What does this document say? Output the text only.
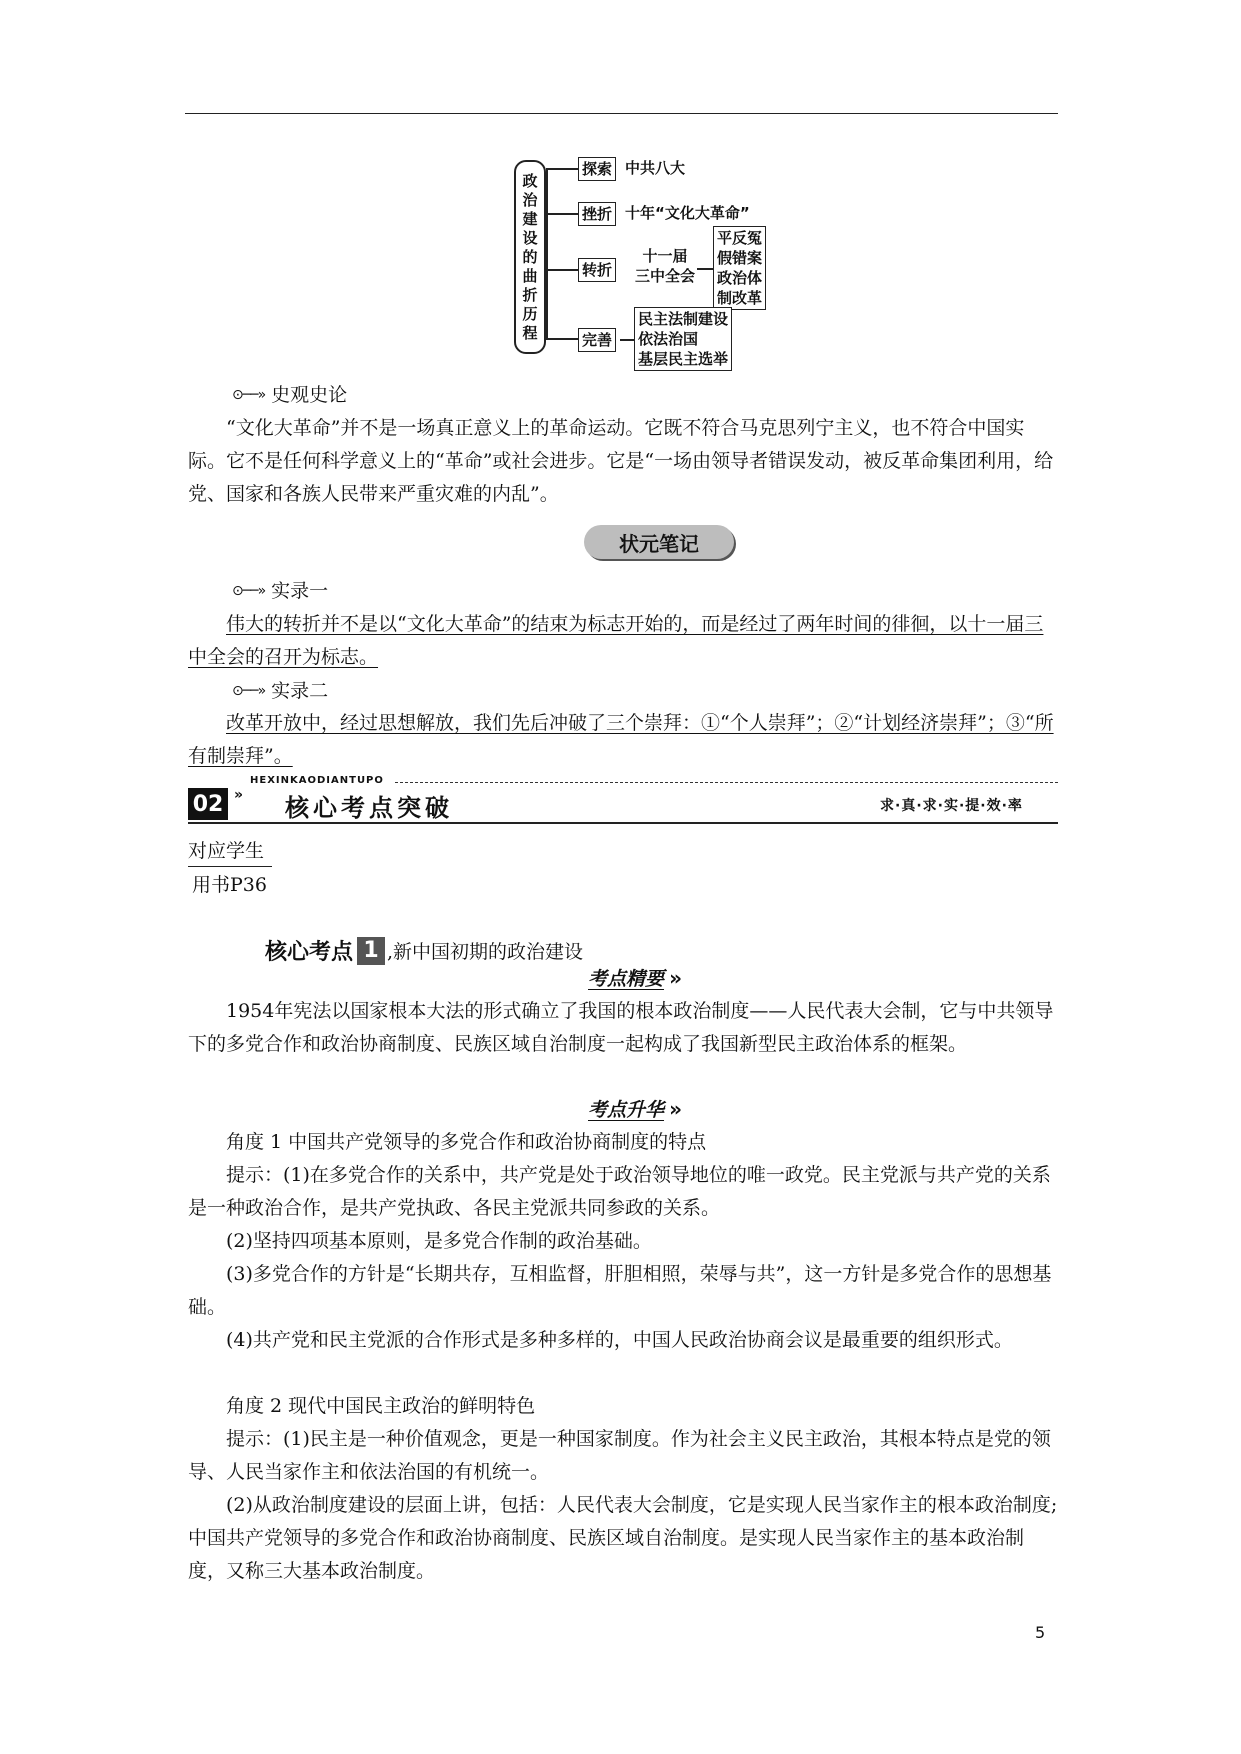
政
治
建
设
的
曲
折
历
程
探索 中共八大
挫折 十年“文化大革命”
转折
十一届
三中全会
平反冤
假错案
政治体
制改革
完善
民主法制建设
依法治国
基层民主选举
⊙──» 史观史论
“文化大革命”并不是一场真正意义上的革命运动。它既不符合马克思列宁主义，也不符合中国实际。它不是任何科学意义上的“革命”或社会进步。它是“一场由领导者错误发动，被反革命集团利用，给党、国家和各族人民带来严重灾难的内乱”。
状元笔记
⊙──» 实录一
伟大的转折并不是以“文化大革命”的结束为标志开始的，而是经过了两年时间的徘徊，以十一届三中全会的召开为标志。
⊙──» 实录二
改革开放中，经过思想解放，我们先后冲破了三个崇拜：①“个人崇拜”；②“计划经济崇拜”；③“所有制崇拜”。
HEXINKAODIANTUPO
02 » 核心考点突破	求·真·求·实·提·效·率
对应学生
用书P36
核心考点 1 ,新中国初期的政治建设
考点精要 »
1954年宪法以国家根本大法的形式确立了我国的根本政治制度——人民代表大会制，它与中共领导下的多党合作和政治协商制度、民族区域自治制度一起构成了我国新型民主政治体系的框架。
考点升华 »
角度 1 中国共产党领导的多党合作和政治协商制度的特点
提示：(1)在多党合作的关系中，共产党是处于政治领导地位的唯一政党。民主党派与共产党的关系是一种政治合作，是共产党执政、各民主党派共同参政的关系。
(2)坚持四项基本原则，是多党合作制的政治基础。
(3)多党合作的方针是“长期共存，互相监督，肝胆相照，荣辱与共”，这一方针是多党合作的思想基础。
(4)共产党和民主党派的合作形式是多种多样的，中国人民政治协商会议是最重要的组织形式。
角度 2 现代中国民主政治的鲜明特色
提示：(1)民主是一种价值观念，更是一种国家制度。作为社会主义民主政治，其根本特点是党的领导、人民当家作主和依法治国的有机统一。
(2)从政治制度建设的层面上讲，包括：人民代表大会制度，它是实现人民当家作主的根本政治制度;中国共产党领导的多党合作和政治协商制度、民族区域自治制度。是实现人民当家作主的基本政治制度，又称三大基本政治制度。
5
